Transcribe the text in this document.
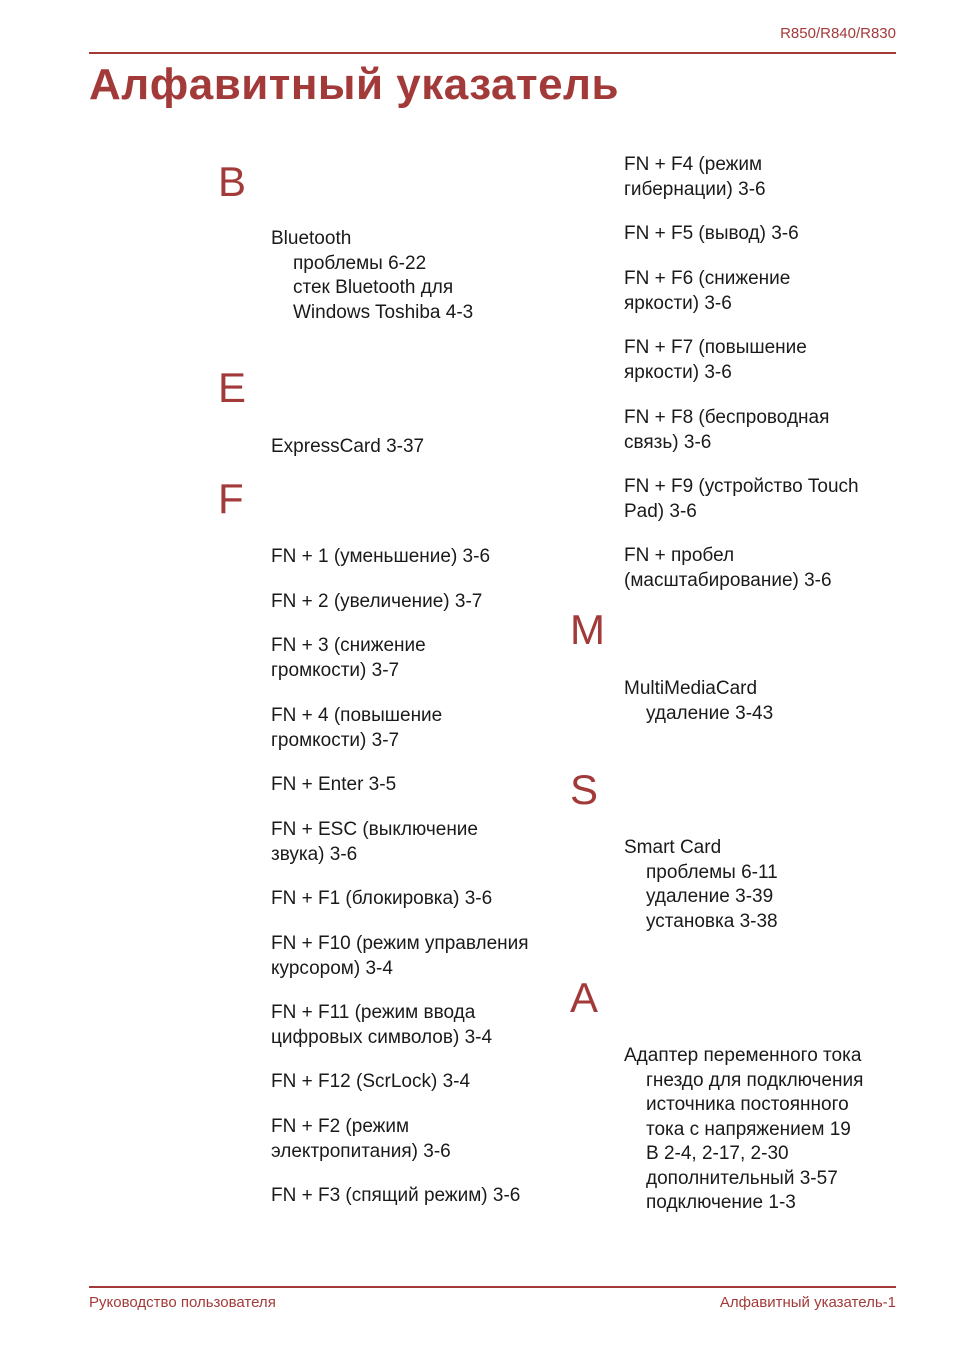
R850/R840/R830
Алфавитный указатель
B
Bluetooth
проблемы 6-22
стек Bluetooth для
Windows Toshiba 4-3
E
ExpressCard 3-37
F
FN + 1 (уменьшение) 3-6
FN + 2 (увеличение) 3-7
FN + 3 (снижение
громкости) 3-7
FN + 4 (повышение
громкости) 3-7
FN + Enter 3-5
FN + ESC (выключение
звука) 3-6
FN + F1 (блокировка) 3-6
FN + F10 (режим управления
курсором) 3-4
FN + F11 (режим ввода
цифровых символов) 3-4
FN + F12 (ScrLock) 3-4
FN + F2 (режим
электропитания) 3-6
FN + F3 (спящий режим) 3-6
FN + F4 (режим
гибернации) 3-6
FN + F5 (вывод) 3-6
FN + F6 (снижение
яркости) 3-6
FN + F7 (повышение
яркости) 3-6
FN + F8 (беспроводная
связь) 3-6
FN + F9 (устройство Touch
Pad) 3-6
FN + пробел
(масштабирование) 3-6
M
MultiMediaCard
удаление 3-43
S
Smart Card
проблемы 6-11
удаление 3-39
установка 3-38
A
Адаптер переменного тока
гнездо для подключения
источника постоянного
тока с напряжением 19
В 2-4, 2-17, 2-30
дополнительный 3-57
подключение 1-3
Руководство пользователя	Алфавитный указатель-1
